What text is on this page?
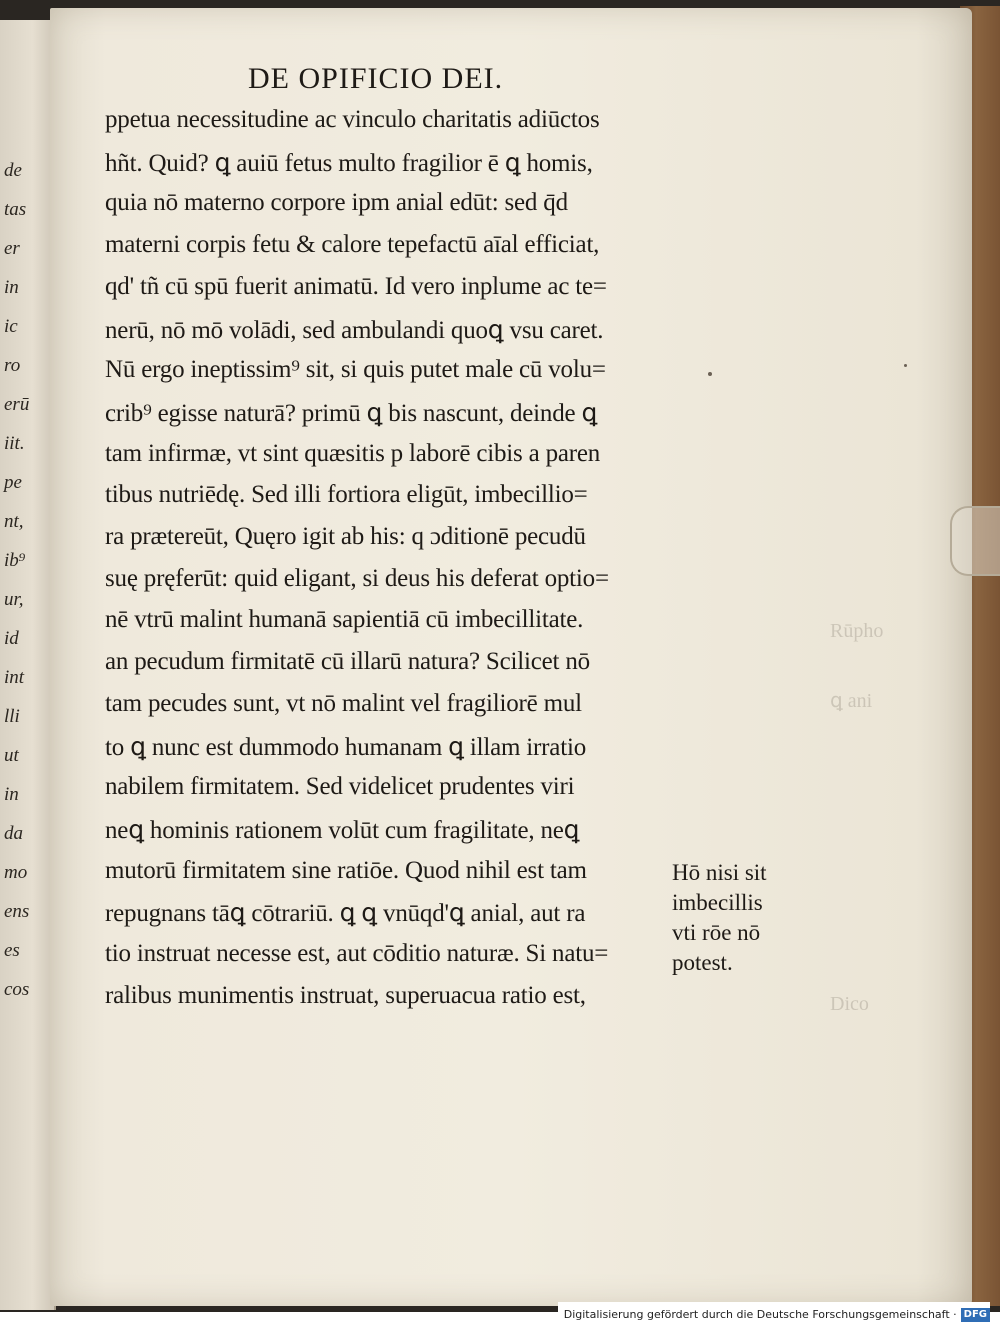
de
tas
er
in
ic
ro
erū
iit.
pe
nt,
ib⁹
ur,
id
int
lli
ut
in
da
mo
ens
es
cos
Rūpho
ꝗ ani
Dico
DE OPIFICIO DEI.
ppetua necessitudine ac vinculo charitatis adiūctos
hñt. Quid? ꝗ auiū fetus multo fragilior ē ꝗ homis,
quia nō materno corpore ipm anial edūt: sed q̄d
materni corpis fetu & calore tepefactū aīal efficiat,
qd' tñ cū spū fuerit animatū. Id vero inplume ac te=
nerū, nō mō volādi, sed ambulandi quoꝗ vsu caret.
Nū ergo ineptissim⁹ sit, si quis putet male cū volu=
crib⁹ egisse naturā? primū ꝗ bis nascunt, deinde ꝗ
tam infirmæ, vt sint quæsitis p laborē cibis a paren
tibus nutriēdę. Sed illi fortiora eligūt, imbecillio=
ra prætereūt, Quęro igit ab his: q ɔditionē pecudū
suę pręferūt: quid eligant, si deus his deferat optio=
nē vtrū malint humanā sapientiā cū imbecillitate.
an pecudum firmitatē cū illarū natura? Scilicet nō
tam pecudes sunt, vt nō malint vel fragiliorē mul
to ꝗ nunc est dummodo humanam ꝗ illam irratio
nabilem firmitatem. Sed videlicet prudentes viri
neꝗ hominis rationem volūt cum fragilitate, neꝗ
mutorū firmitatem sine ratiōe. Quod nihil est tam
repugnans tāꝗ cōtrariū. ꝗ ꝗ vnūqd'ꝗ anial, aut ra
tio instruat necesse est, aut cōditio naturæ. Si natu=
ralibus munimentis instruat, superuacua ratio est,
Hō nisi sit
imbecillis
vti rōe nō
potest.
Digitalisierung gefördert durch die Deutsche Forschungsgemeinschaft · DFG
